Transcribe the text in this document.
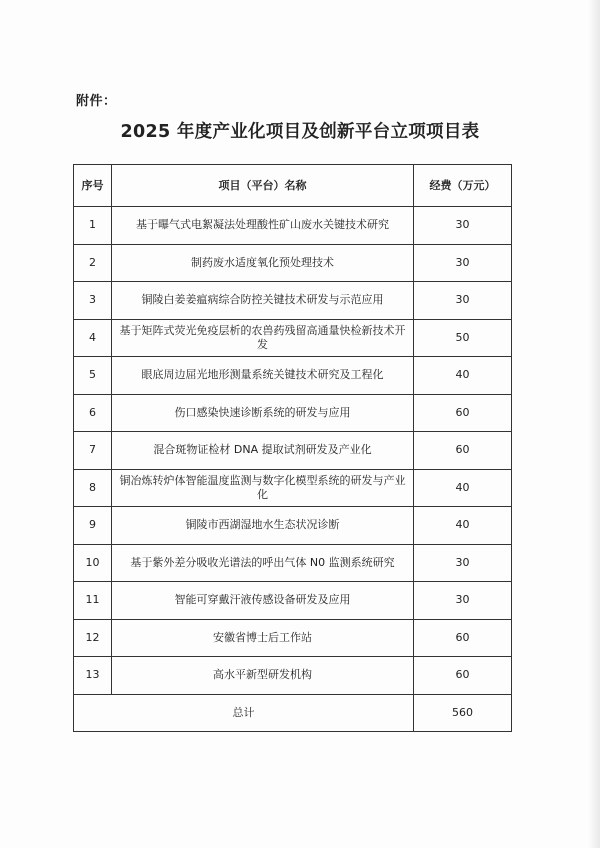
附件：
2025 年度产业化项目及创新平台立项项目表
序号	项目（平台）名称	经费（万元）
1	基于曝气式电絮凝法处理酸性矿山废水关键技术研究	30
2	制药废水适度氧化预处理技术	30
3	铜陵白姜姜瘟病综合防控关键技术研发与示范应用	30
4	基于矩阵式荧光免疫层析的农兽药残留高通量快检新技术开发	50
5	眼底周边屈光地形测量系统关键技术研究及工程化	40
6	伤口感染快速诊断系统的研发与应用	60
7	混合斑物证检材 DNA 提取试剂研发及产业化	60
8	铜冶炼转炉体智能温度监测与数字化模型系统的研发与产业化	40
9	铜陵市西湖湿地水生态状况诊断	40
10	基于紫外差分吸收光谱法的呼出气体 N0 监测系统研究	30
11	智能可穿戴汗液传感设备研发及应用	30
12	安徽省博士后工作站	60
13	高水平新型研发机构	60
总计		560
